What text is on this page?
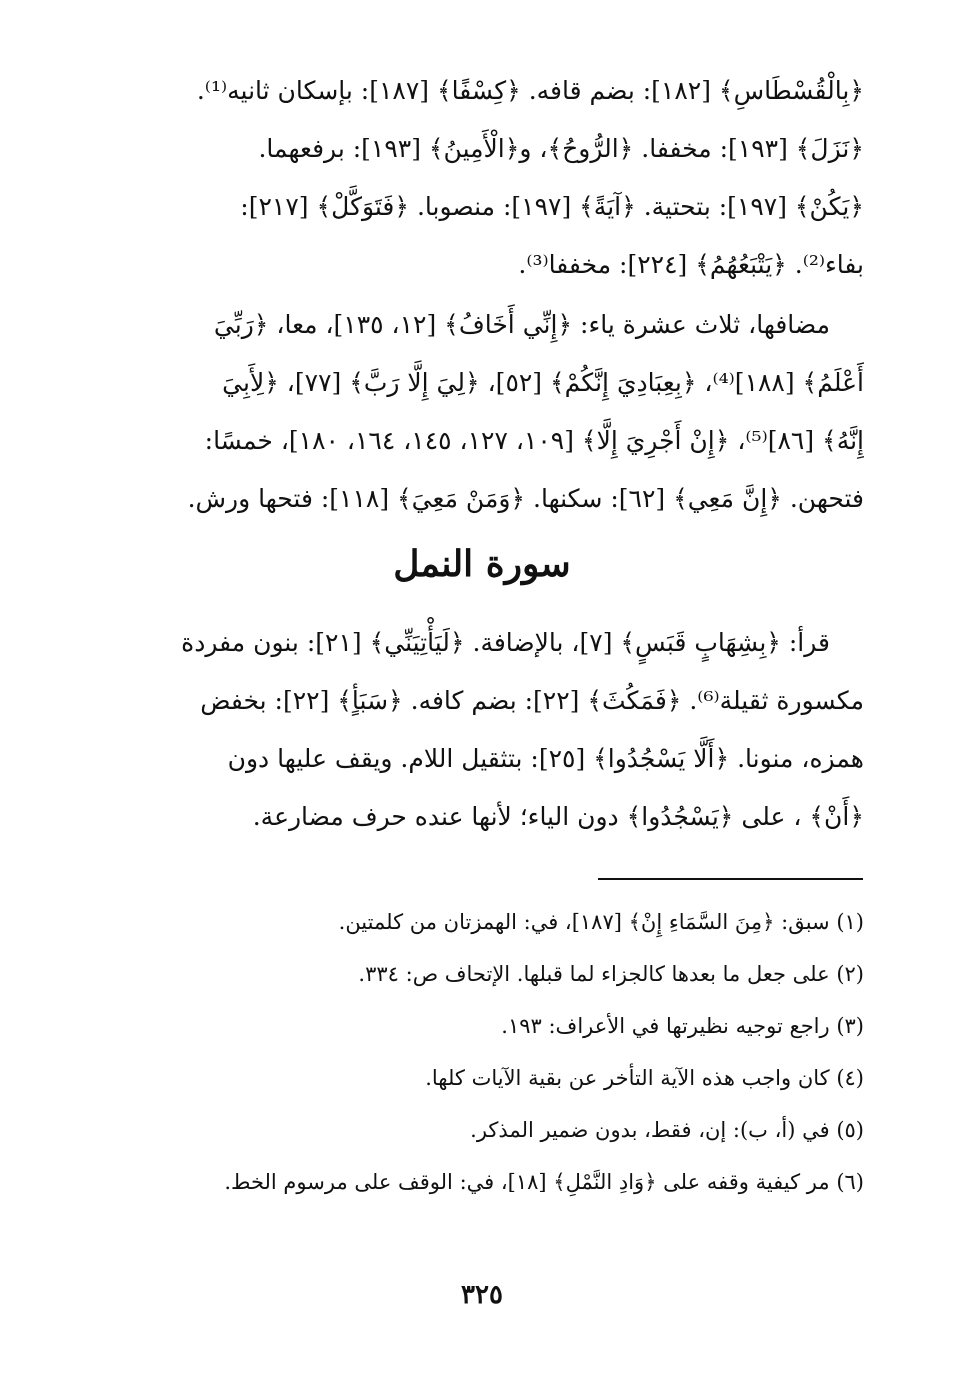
﴿بِالْقُسْطَاسِ﴾ [١٨٢]: بضم قافه. ﴿كِسْفًا﴾ [١٨٧]: بإسكان ثانيه⁽¹⁾.
﴿نَزَلَ﴾ [١٩٣]: مخففا. ﴿الرُّوحُ﴾، و﴿الْأَمِينُ﴾ [١٩٣]: برفعهما.
﴿يَكُنْ﴾ [١٩٧]: بتحتية. ﴿آيَةً﴾ [١٩٧]: منصوبا. ﴿فَتَوَكَّلْ﴾ [٢١٧]:
بفاء⁽²⁾. ﴿يَتْبَعُهُمُ﴾ [٢٢٤]: مخففا⁽³⁾.
مضافها، ثلاث عشرة ياء: ﴿إِنِّي أَخَافُ﴾ [١٢، ١٣٥]، معا، ﴿رَبِّيَ
أَعْلَمُ﴾ [١٨٨]⁽⁴⁾، ﴿بِعِبَادِيَ إِنَّكُمْ﴾ [٥٢]، ﴿لِيَ إِلَّا رَبَّ﴾ [٧٧]، ﴿لِأَبِيَ
إِنَّهُ﴾ [٨٦]⁽⁵⁾، ﴿إِنْ أَجْرِيَ إِلَّا﴾ [١٠٩، ١٢٧، ١٤٥، ١٦٤، ١٨٠]، خمسًا:
فتحهن. ﴿إِنَّ مَعِي﴾ [٦٢]: سكنها. ﴿وَمَنْ مَعِيَ﴾ [١١٨]: فتحها ورش.
سورة النمل
قرأ: ﴿بِشِهَابٍ قَبَسٍ﴾ [٧]، بالإضافة. ﴿لَيَأْتِيَنِّي﴾ [٢١]: بنون مفردة
مكسورة ثقيلة⁽⁶⁾. ﴿فَمَكُثَ﴾ [٢٢]: بضم كافه. ﴿سَبَأٍ﴾ [٢٢]: بخفض
همزه، منونا. ﴿أَلَّا يَسْجُدُوا﴾ [٢٥]: بتثقيل اللام. ويقف عليها دون
﴿أَنْ﴾ ، على ﴿يَسْجُدُوا﴾ دون الياء؛ لأنها عنده حرف مضارعة.
(١) سبق: ﴿مِنَ السَّمَاءِ إِنْ﴾ [١٨٧]، في: الهمزتان من كلمتين.
(٢) على جعل ما بعدها كالجزاء لما قبلها. الإتحاف ص: ٣٣٤.
(٣) راجع توجيه نظيرتها في الأعراف: ١٩٣.
(٤) كان واجب هذه الآية التأخر عن بقية الآيات كلها.
(٥) في (أ، ب): إن، فقط، بدون ضمير المذكر.
(٦) مر كيفية وقفه على ﴿وَادِ النَّمْلِ﴾ [١٨]، في: الوقف على مرسوم الخط.
٣٢٥
